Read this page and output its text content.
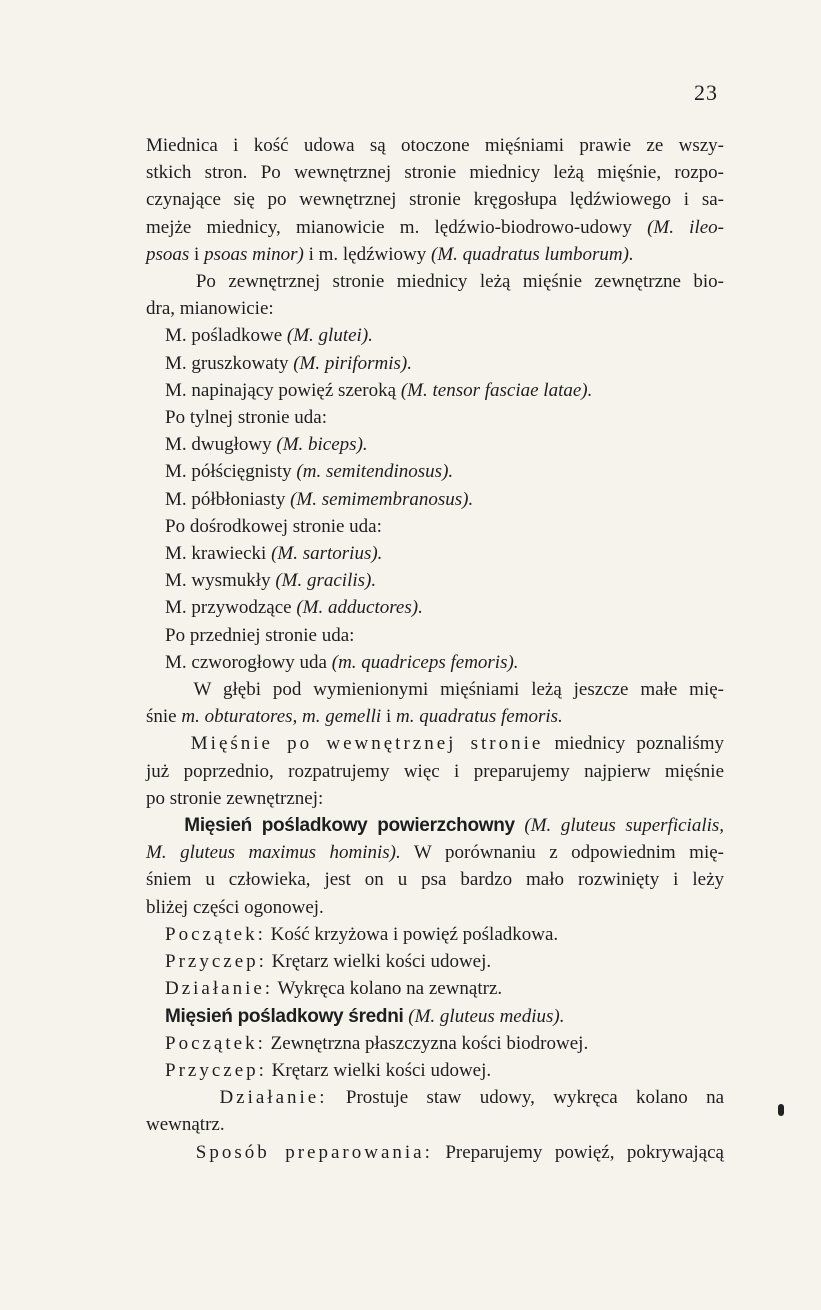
23
Miednica i kość udowa są otoczone mięśniami prawie ze wszy-
stkich stron. Po wewnętrznej stronie miednicy leżą mięśnie, rozpo-
czynające się po wewnętrznej stronie kręgosłupa lędźwiowego i sa-
mejże miednicy, mianowicie m. lędźwio-biodrowo-udowy (M. ileo-
psoas i psoas minor) i m. lędźwiowy (M. quadratus lumborum).
Po zewnętrznej stronie miednicy leżą mięśnie zewnętrzne bio-
dra, mianowicie:
M. pośladkowe (M. glutei).
M. gruszkowaty (M. piriformis).
M. napinający powięź szeroką (M. tensor fasciae latae).
Po tylnej stronie uda:
M. dwugłowy (M. biceps).
M. półścięgnisty (m. semitendinosus).
M. półbłoniasty (M. semimembranosus).
Po dośrodkowej stronie uda:
M. krawiecki (M. sartorius).
M. wysmukły (M. gracilis).
M. przywodzące (M. adductores).
Po przedniej stronie uda:
M. czworogłowy uda (m. quadriceps femoris).
W głębi pod wymienionymi mięśniami leżą jeszcze małe mię-
śnie m. obturatores, m. gemelli i m. quadratus femoris.
Mięśnie po wewnętrznej stronie miednicy poznaliśmy
już poprzednio, rozpatrujemy więc i preparujemy najpierw mięśnie
po stronie zewnętrznej:
Mięsień pośladkowy powierzchowny (M. gluteus superficialis,
M. gluteus maximus hominis). W porównaniu z odpowiednim mię-
śniem u człowieka, jest on u psa bardzo mało rozwinięty i leży
bliżej części ogonowej.
Początek: Kość krzyżowa i powięź pośladkowa.
Przyczep: Krętarz wielki kości udowej.
Działanie: Wykręca kolano na zewnątrz.
Mięsień pośladkowy średni (M. gluteus medius).
Początek: Zewnętrzna płaszczyzna kości biodrowej.
Przyczep: Krętarz wielki kości udowej.
Działanie: Prostuje staw udowy, wykręca kolano na
wewnątrz.
Sposób preparowania: Preparujemy powięź, pokrywającą
